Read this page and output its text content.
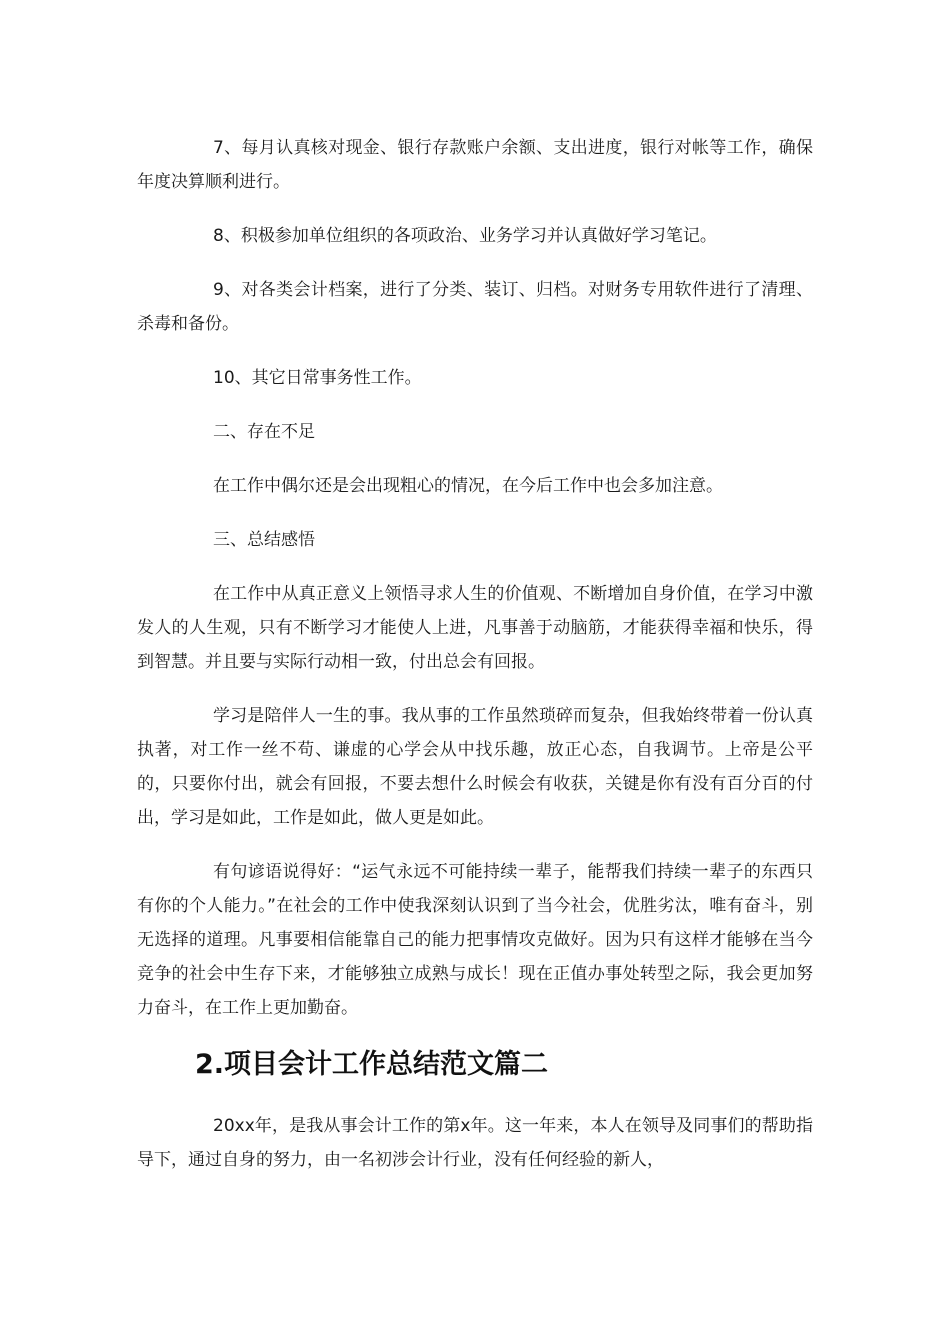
7、每月认真核对现金、银行存款账户余额、支出进度，银行对帐等工作，确保年度决算顺利进行。

8、积极参加单位组织的各项政治、业务学习并认真做好学习笔记。

9、对各类会计档案，进行了分类、装订、归档。对财务专用软件进行了清理、杀毒和备份。

10、其它日常事务性工作。

二、存在不足

在工作中偶尔还是会出现粗心的情况，在今后工作中也会多加注意。

三、总结感悟

在工作中从真正意义上领悟寻求人生的价值观、不断增加自身价值，在学习中激发人的人生观，只有不断学习才能使人上进，凡事善于动脑筋，才能获得幸福和快乐，得到智慧。并且要与实际行动相一致，付出总会有回报。

学习是陪伴人一生的事。我从事的工作虽然琐碎而复杂，但我始终带着一份认真执著，对工作一丝不苟、谦虚的心学会从中找乐趣，放正心态，自我调节。上帝是公平的，只要你付出，就会有回报，不要去想什么时候会有收获，关键是你有没有百分百的付出，学习是如此，工作是如此，做人更是如此。

有句谚语说得好：“运气永远不可能持续一辈子，能帮我们持续一辈子的东西只有你的个人能力。”在社会的工作中使我深刻认识到了当今社会，优胜劣汰，唯有奋斗，别无选择的道理。凡事要相信能靠自己的能力把事情攻克做好。因为只有这样才能够在当今竞争的社会中生存下来，才能够独立成熟与成长！现在正值办事处转型之际，我会更加努力奋斗，在工作上更加勤奋。

2.项目会计工作总结范文篇二

20xx年，是我从事会计工作的第x年。这一年来，本人在领导及同事们的帮助指导下，通过自身的努力，由一名初涉会计行业，没有任何经验的新人，
